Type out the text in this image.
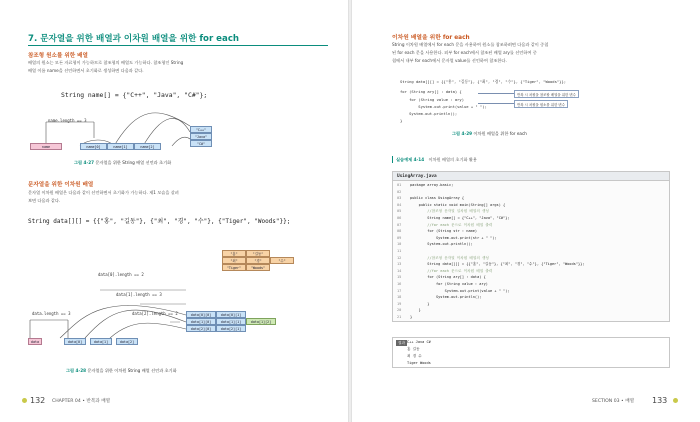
7. 문자열을 위한 배열과 이차원 배열을 위한 for each
참조형 원소를 위한 배열
배열의 원소는 모든 자료형이 가능하므로 참조형의 배열도 가능하다. 참조형인 String
배열 이름 name을 선언하면서 초기화로 생성하면 다음과 같다.
String name[] = {"C++", "Java", "C#"};
name.length == 3
name	name[0]	name[1]	name[2]
"C++"
"Java"
"C#"
그림 4-27 문자열을 위한 String 배열 선언과 초기화
문자열을 위한 이차원 배열
문자열 이차원 배열은 다음과 같이 선언하면서 초기화가 가능하다. 제1 모습을 살펴
보면 다음과 같다.
String data[][] = {{"홍", "길동"}, {"최", "경", "수"}, {"Tiger", "Woods"}};
data[0].length == 2
data[1].length == 3
data[2].length == 2
data.length == 3
data	data[0]	data[1]	data[2]
data[0][0]	data[0][1]
data[1][0]	data[1][1]	data[1][2]
data[2][0]	data[2][1]
"홍"	"길동"
"최"	"경"	"수"
"Tiger"	"Woods"
그림 4-28 문자열을 위한 이차원 String 배열 선언과 초기화
132 CHAPTER 04 • 반복과 배열
이차원 배열을 위한 for each
String 이차원 배열에서 for each 문을 사용하여 원소를 참조하려면 다음과 같이 중첩
된 for each 문을 사용한다. 외부 for each에서 참조된 배열 ary를 선언하여 중
첩에서 내부 for each에서 문자열 value를 선언하여 참조한다.
String data[][] = {{"홍", "길동"}, {"최", "경", "수"}, {"Tiger", "Woods"}};
for (String ary[] : data) {
for (String value : ary)
System.out.print(value + " ");
System.out.println();
}
반복 시 차원을 참조할 배열을 위한 변수
반복 시 차원을 원소를 위한 변수
그림 4-29 이차원 배열을 위한 for each
실습예제 4-14 이차원 배열의 초기화 활용
UsingArray.java
01 package array.basic;
02
03 public class UsingArray {
04    public static void main(String[] args) {
05        //참조형 문자열 일차원 배열의 생성
06        String name[] = {"C++", "Java", "C#"};
07        //for each 문으로 이차원 배열 출력
08        for (String str : name)
09            System.out.print(str + " ");
10        System.out.println();
11
12        //참조형 문자열 이차원 배열의 생성
13        String data[][] = {{"홍", "길동"}, {"최", "경", "수"}, {"Tiger", "Woods"}};
14        //for each 문으로 이차원 배열 출력
15        for (String ary[] : data) {
16            for (String value : ary)
17                System.out.print(value + " ");
18            System.out.println();
19        }
20    }
21 }
결과 C++ Java C#
홍 길동
최 경 수
Tiger Woods
SECTION 03 • 배열 133
